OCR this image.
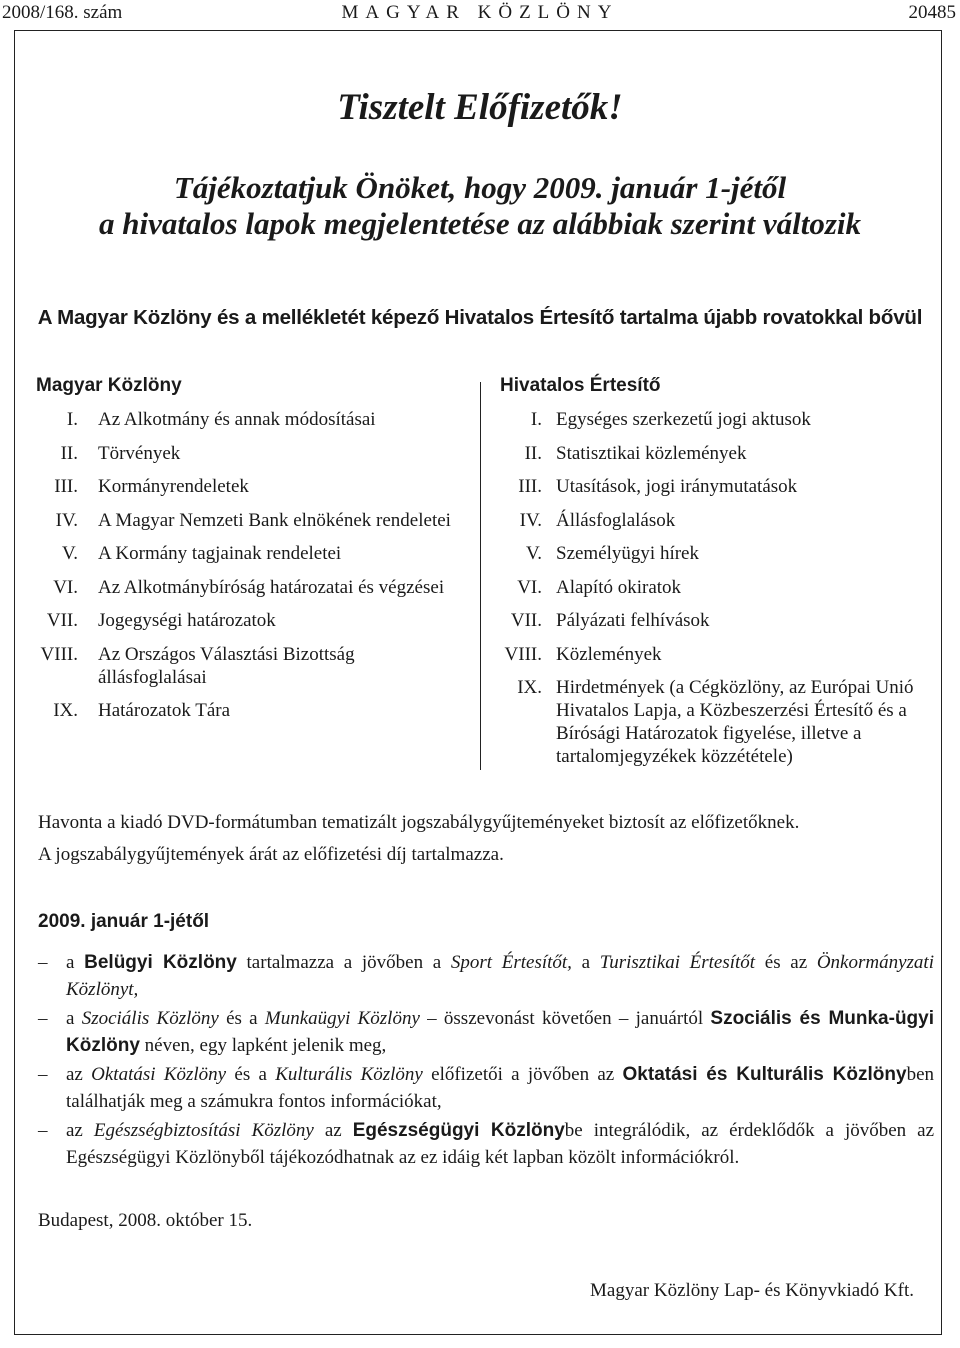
2008/168. szám	MAGYAR KÖZLÖNY	20485
Tisztelt Előfizetők!
Tájékoztatjuk Önöket, hogy 2009. január 1-jétől
a hivatalos lapok megjelentetése az alábbiak szerint változik
A Magyar Közlöny és a mellékletét képező Hivatalos Értesítő tartalma újabb rovatokkal bővül
Magyar Közlöny	Hivatalos Értesítő
I.	Az Alkotmány és annak módosításai
II.	Törvények
III.	Kormányrendeletek
IV.	A Magyar Nemzeti Bank elnökének rendeletei
V.	A Kormány tagjainak rendeletei
VI.	Az Alkotmánybíróság határozatai és végzései
VII.	Jogegységi határozatok
VIII.	Az Országos Választási Bizottság állásfoglalásai
IX.	Határozatok Tára
I. Egységes szerkezetű jogi aktusok
II. Statisztikai közlemények
III. Utasítások, jogi iránymutatások
IV. Állásfoglalások
V. Személyügyi hírek
VI. Alapító okiratok
VII. Pályázati felhívások
VIII. Közlemények
IX. Hirdetmények (a Cégközlöny, az Európai Unió Hivatalos Lapja, a Közbeszerzési Értesítő és a Bírósági Határozatok figyelése, illetve a tartalomjegyzékek közzététele)
Havonta a kiadó DVD-formátumban tematizált jogszabálygyűjteményeket biztosít az előfizetőknek.
A jogszabálygyűjtemények árát az előfizetési díj tartalmazza.
2009. január 1-jétől
– a Belügyi Közlöny tartalmazza a jövőben a Sport Értesítőt, a Turisztikai Értesítőt és az Önkormányzati Közlönyt,
– a Szociális Közlöny és a Munkaügyi Közlöny – összevonást követően – januártól Szociális és Munka-ügyi Közlöny néven, egy lapként jelenik meg,
– az Oktatási Közlöny és a Kulturális Közlöny előfizetői a jövőben az Oktatási és Kulturális Közlönyben találhatják meg a számukra fontos információkat,
– az Egészségbiztosítási Közlöny az Egészségügyi Közlönybe integrálódik, az érdeklődők a jövőben az Egészségügyi Közlönyből tájékozódhatnak az ez idáig két lapban közölt információkról.
Budapest, 2008. október 15.
Magyar Közlöny Lap- és Könyvkiadó Kft.
